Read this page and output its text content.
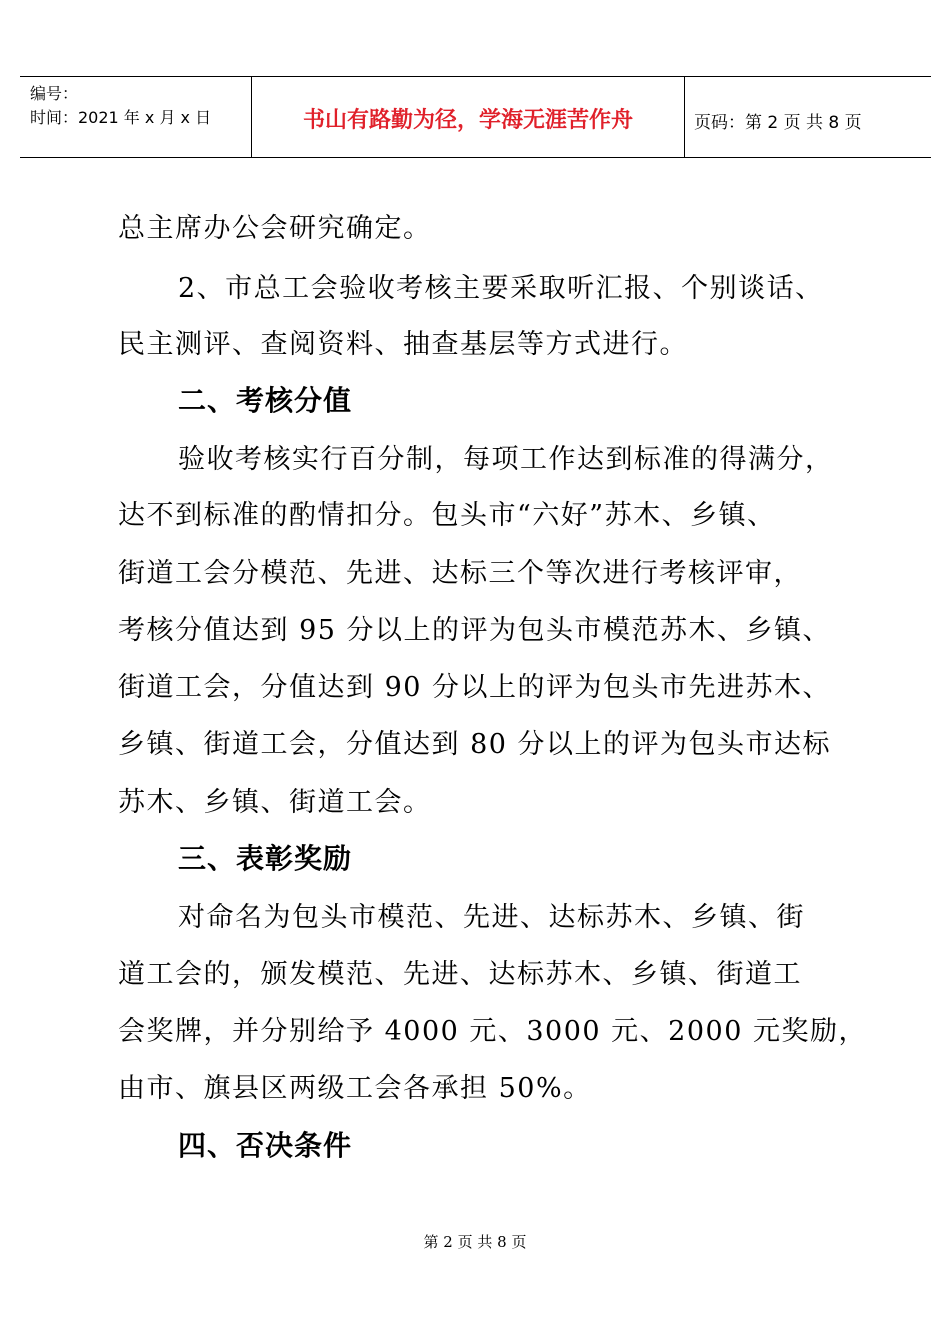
编号：
时间：2021 年 x 月 x 日	书山有路勤为径，学海无涯苦作舟	页码：第 2 页 共 8 页
总主席办公会研究确定。
2、市总工会验收考核主要采取听汇报、个别谈话、
民主测评、查阅资料、抽查基层等方式进行。
二、考核分值
验收考核实行百分制，每项工作达到标准的得满分，
达不到标准的酌情扣分。包头市“六好”苏木、乡镇、
街道工会分模范、先进、达标三个等次进行考核评审，
考核分值达到 95 分以上的评为包头市模范苏木、乡镇、
街道工会，分值达到 90 分以上的评为包头市先进苏木、
乡镇、街道工会，分值达到 80 分以上的评为包头市达标
苏木、乡镇、街道工会。
三、表彰奖励
对命名为包头市模范、先进、达标苏木、乡镇、街
道工会的，颁发模范、先进、达标苏木、乡镇、街道工
会奖牌，并分别给予 4000 元、3000 元、2000 元奖励，
由市、旗县区两级工会各承担 50%。
四、否决条件
第 2 页 共 8 页
